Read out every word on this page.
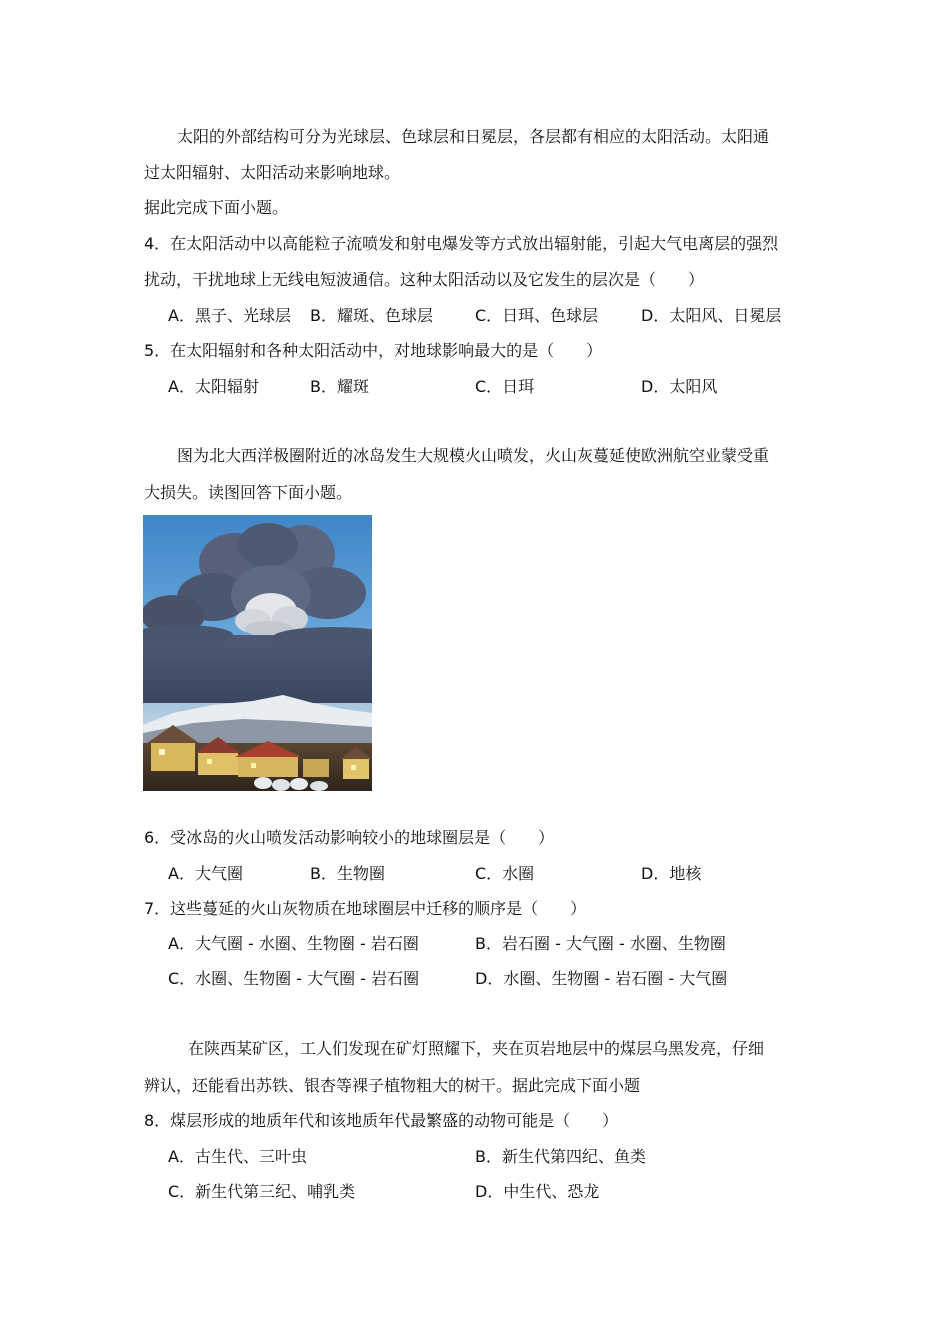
太阳的外部结构可分为光球层、色球层和日冕层，各层都有相应的太阳活动。太阳通
过太阳辐射、太阳活动来影响地球。
据此完成下面小题。
4．在太阳活动中以高能粒子流喷发和射电爆发等方式放出辐射能，引起大气电离层的强烈
扰动，干扰地球上无线电短波通信。这种太阳活动以及它发生的层次是（　　）
A．黑子、光球层 B．耀斑、色球层	C．日珥、色球层	D．太阳风、日冕层
5．在太阳辐射和各种太阳活动中，对地球影响最大的是（　　）
A．太阳辐射	B．耀斑	C．日珥	D．太阳风
图为北大西洋极圈附近的冰岛发生大规模火山喷发，火山灰蔓延使欧洲航空业蒙受重
大损失。读图回答下面小题。
6．受冰岛的火山喷发活动影响较小的地球圈层是（　　）
A．大气圈	B．生物圈	C．水圈	D．地核
7．这些蔓延的火山灰物质在地球圈层中迁移的顺序是（　　）
A．大气圈 - 水圈、生物圈 - 岩石圈	B．岩石圈 - 大气圈 - 水圈、生物圈
C．水圈、生物圈 - 大气圈 - 岩石圈	D．水圈、生物圈 - 岩石圈 - 大气圈
在陕西某矿区，工人们发现在矿灯照耀下，夹在页岩地层中的煤层乌黑发亮，仔细
辨认，还能看出苏铁、银杏等裸子植物粗大的树干。据此完成下面小题
8．煤层形成的地质年代和该地质年代最繁盛的动物可能是（　　）
A．古生代、三叶虫	B．新生代第四纪、鱼类
C．新生代第三纪、哺乳类	D．中生代、恐龙
